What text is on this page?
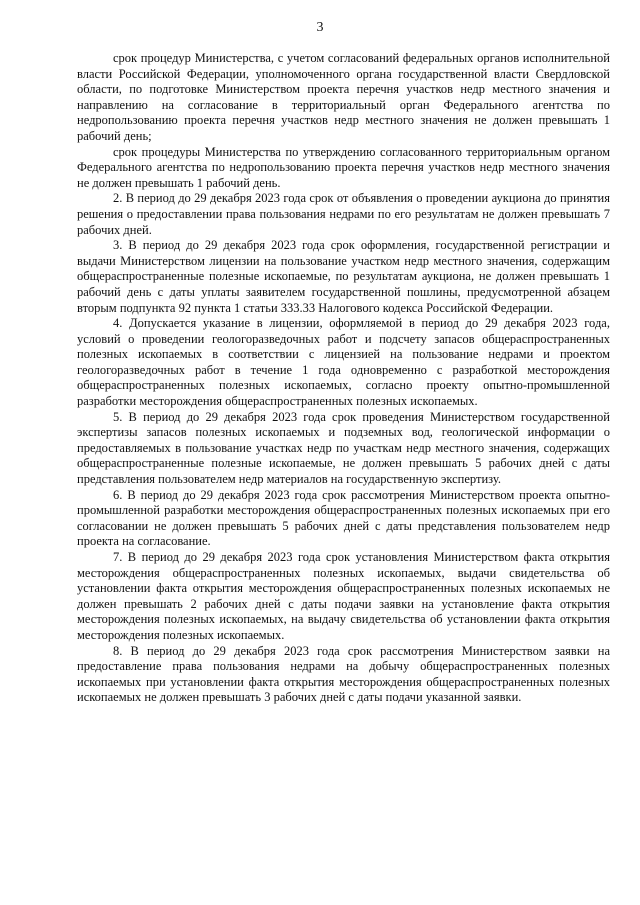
3

срок процедур Министерства, с учетом согласований федеральных органов исполнительной власти Российской Федерации, уполномоченного органа государственной власти Свердловской области, по подготовке Министерством проекта перечня участков недр местного значения и направлению на согласование в территориальный орган Федерального агентства по недропользованию проекта перечня участков недр местного значения не должен превышать 1 рабочий день;

срок процедуры Министерства по утверждению согласованного территориальным органом Федерального агентства по недропользованию проекта перечня участков недр местного значения не должен превышать 1 рабочий день.

2. В период до 29 декабря 2023 года срок от объявления о проведении аукциона до принятия решения о предоставлении права пользования недрами по его результатам не должен превышать 7 рабочих дней.

3. В период до 29 декабря 2023 года срок оформления, государственной регистрации и выдачи Министерством лицензии на пользование участком недр местного значения, содержащим общераспространенные полезные ископаемые, по результатам аукциона, не должен превышать 1 рабочий день с даты уплаты заявителем государственной пошлины, предусмотренной абзацем вторым подпункта 92 пункта 1 статьи 333.33 Налогового кодекса Российской Федерации.

4. Допускается указание в лицензии, оформляемой в период до 29 декабря 2023 года, условий о проведении геологоразведочных работ и подсчету запасов общераспространенных полезных ископаемых в соответствии с лицензией на пользование недрами и проектом геологоразведочных работ в течение 1 года одновременно с разработкой месторождения общераспространенных полезных ископаемых, согласно проекту опытно-промышленной разработки месторождения общераспространенных полезных ископаемых.

5. В период до 29 декабря 2023 года срок проведения Министерством государственной экспертизы запасов полезных ископаемых и подземных вод, геологической информации о предоставляемых в пользование участках недр по участкам недр местного значения, содержащих общераспространенные полезные ископаемые, не должен превышать 5 рабочих дней с даты представления пользователем недр материалов на государственную экспертизу.

6. В период до 29 декабря 2023 года срок рассмотрения Министерством проекта опытно-промышленной разработки месторождения общераспространенных полезных ископаемых при его согласовании не должен превышать 5 рабочих дней с даты представления пользователем недр проекта на согласование.

7. В период до 29 декабря 2023 года срок установления Министерством факта открытия месторождения общераспространенных полезных ископаемых, выдачи свидетельства об установлении факта открытия месторождения общераспространенных полезных ископаемых не должен превышать 2 рабочих дней с даты подачи заявки на установление факта открытия месторождения полезных ископаемых, на выдачу свидетельства об установлении факта открытия месторождения полезных ископаемых.

8. В период до 29 декабря 2023 года срок рассмотрения Министерством заявки на предоставление права пользования недрами на добычу общераспространенных полезных ископаемых при установлении факта открытия месторождения общераспространенных полезных ископаемых не должен превышать 3 рабочих дней с даты подачи указанной заявки.
